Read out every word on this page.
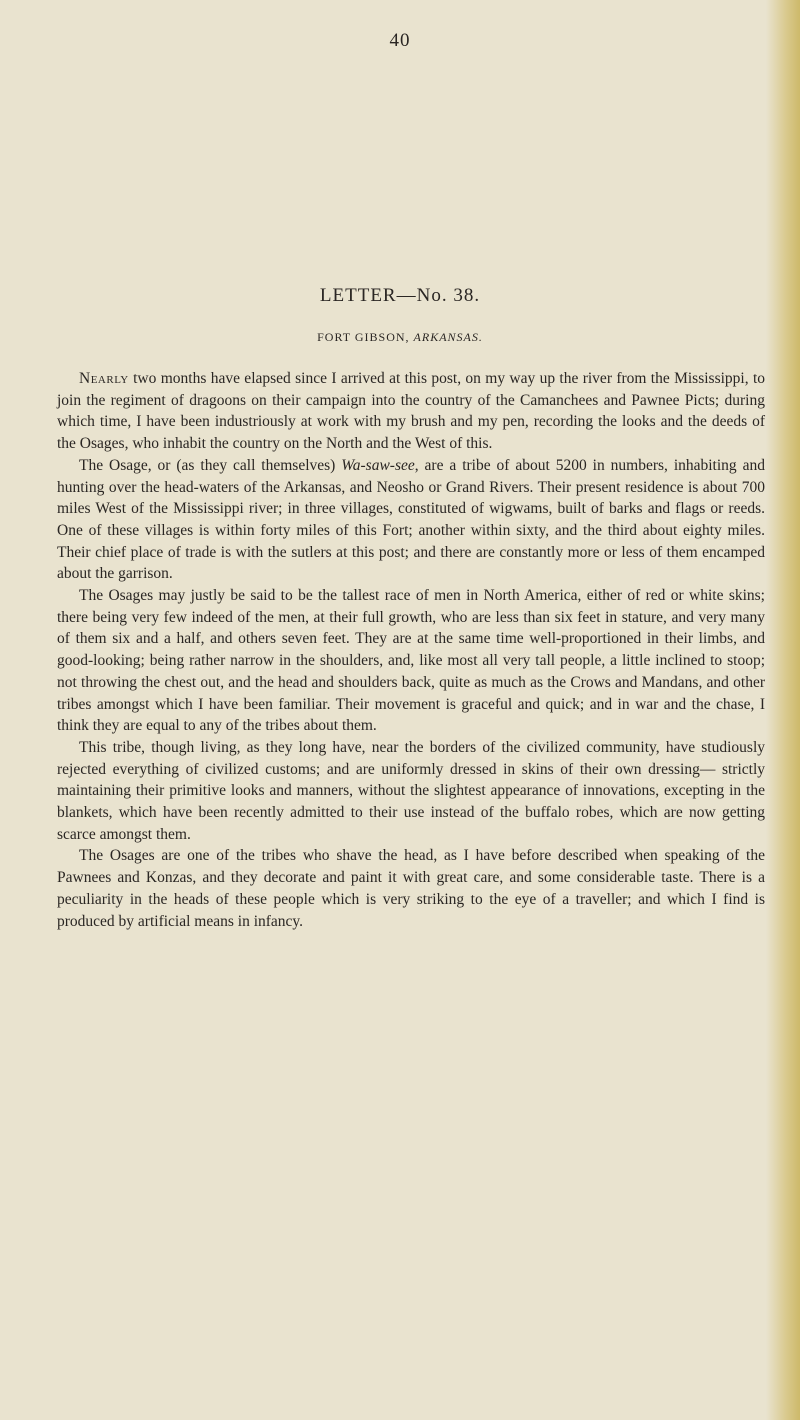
40
LETTER—No. 38.
FORT GIBSON, ARKANSAS.

Nearly two months have elapsed since I arrived at this post, on my way up the river from the Mississippi, to join the regiment of dragoons on their campaign into the country of the Camanchees and Pawnee Picts; during which time, I have been industriously at work with my brush and my pen, recording the looks and the deeds of the Osages, who inhabit the country on the North and the West of this.

The Osage, or (as they call themselves) Wa-saw-see, are a tribe of about 5200 in numbers, inhabiting and hunting over the head-waters of the Arkansas, and Neosho or Grand Rivers. Their present residence is about 700 miles West of the Mississippi river; in three villages, constituted of wigwams, built of barks and flags or reeds. One of these villages is within forty miles of this Fort; another within sixty, and the third about eighty miles. Their chief place of trade is with the sutlers at this post; and there are constantly more or less of them encamped about the garrison.

The Osages may justly be said to be the tallest race of men in North America, either of red or white skins; there being very few indeed of the men, at their full growth, who are less than six feet in stature, and very many of them six and a half, and others seven feet. They are at the same time well-proportioned in their limbs, and good-looking; being rather narrow in the shoulders, and, like most all very tall people, a little inclined to stoop; not throwing the chest out, and the head and shoulders back, quite as much as the Crows and Mandans, and other tribes amongst which I have been familiar. Their movement is graceful and quick; and in war and the chase, I think they are equal to any of the tribes about them.

This tribe, though living, as they long have, near the borders of the civilized community, have studiously rejected everything of civilized customs; and are uniformly dressed in skins of their own dressing— strictly maintaining their primitive looks and manners, without the slightest appearance of innovations, excepting in the blankets, which have been recently admitted to their use instead of the buffalo robes, which are now getting scarce amongst them.

The Osages are one of the tribes who shave the head, as I have before described when speaking of the Pawnees and Konzas, and they decorate and paint it with great care, and some considerable taste. There is a peculiarity in the heads of these people which is very striking to the eye of a traveller; and which I find is produced by artificial means in infancy.
